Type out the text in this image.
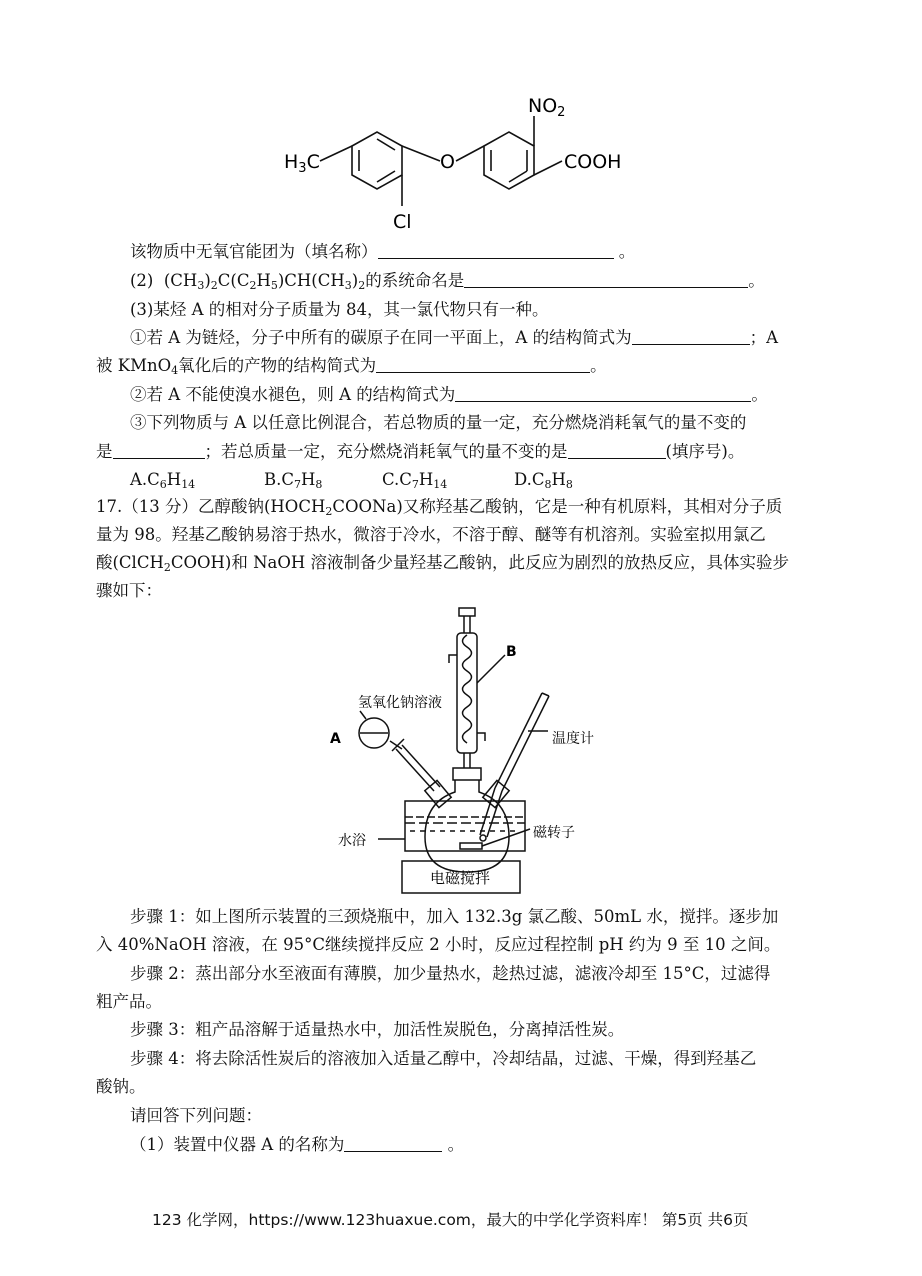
$H_3C$	O
$NO_2$
COOH
Cl
该物质中无氧官能团为（填名称）	。
(2) $(CH_3)_2C(C_2H_5)CH(CH_3)_2$的系统命名是	。
(3)某烃 A 的相对分子质量为 84，其一氯代物只有一种。
①若 A 为链烃，分子中所有的碳原子在同一平面上，A 的结构简式为	；A
被 KMnO$_4$氧化后的产物的结构简式为	。
②若 A 不能使溴水褪色，则 A 的结构简式为	。
③下列物质与 A 以任意比例混合，若总物质的量一定，充分燃烧消耗氧气的量不变的
是	；若总质量一定，充分燃烧消耗氧气的量不变的是	(填序号)。
$A.C_6H_{14}$	$B.C_7H_8$	$C.C_7H_{14}$	$D.C_8H_8$
17.（13 分）乙醇酸钠$(HOCH_2COONa)$又称羟基乙酸钠，它是一种有机原料，其相对分子质
量为 98。羟基乙酸钠易溶于热水，微溶于冷水，不溶于醇、醚等有机溶剂。实验室拟用氯乙
酸(ClCH$_2$COOH)和 NaOH 溶液制备少量羟基乙酸钠，此反应为剧烈的放热反应，具体实验步
骤如下：
B
氢氧化钠溶液
A	温度计
水浴	磁转子
电磁搅拌
步骤 1：如上图所示装置的三颈烧瓶中，加入 132.3g 氯乙酸、50mL 水，搅拌。逐步加
入 40%NaOH 溶液，在 95°C继续搅拌反应 2 小时，反应过程控制 pH 约为 9 至 10 之间。
步骤 2：蒸出部分水至液面有薄膜，加少量热水，趁热过滤，滤液冷却至 15°C，过滤得
粗产品。
步骤 3：粗产品溶解于适量热水中，加活性炭脱色，分离掉活性炭。
步骤 4：将去除活性炭后的溶液加入适量乙醇中，冷却结晶，过滤、干燥，得到羟基乙
酸钠。
请回答下列问题：
（1）装置中仪器 A 的名称为	。
123 化学网，https://www.123huaxue.com，最大的中学化学资料库！ 第5页 共6页
